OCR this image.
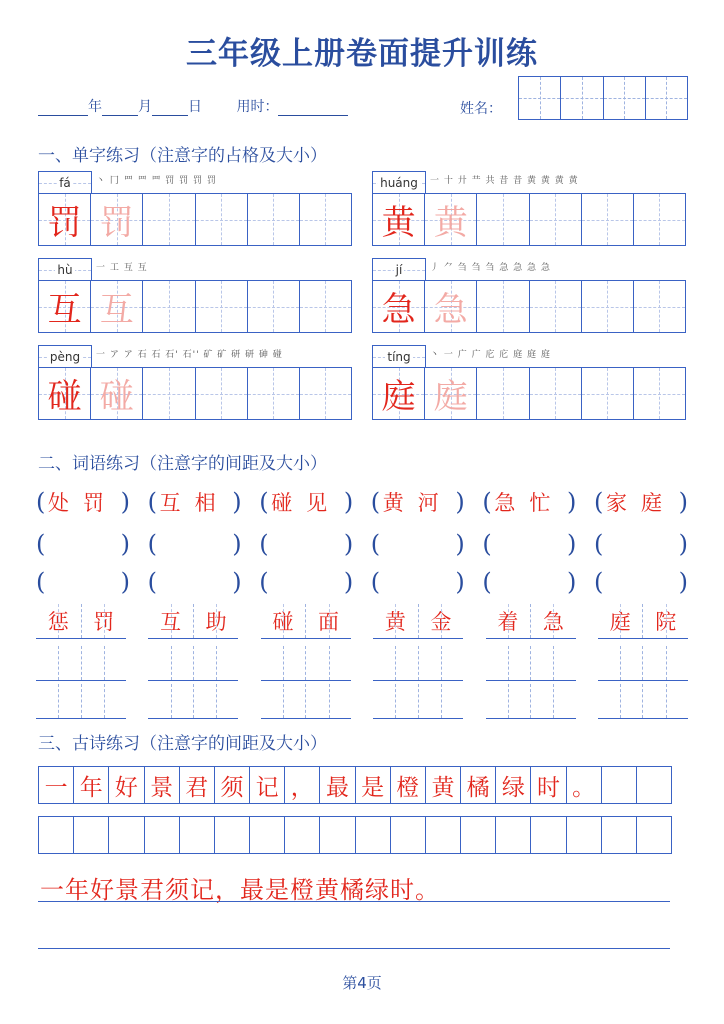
三年级上册卷面提升训练
年	月	日 用时：	姓名：
一、单字练习（注意字的占格及大小）
fá	丶 冂 罒 罒 罒 罚 罚 罚 罚
罚 罚
huáng	一 十 廾 龷 共 昔 昔 黄 黄 黄 黄
黄 黄
hù	一 工 互 互
互 互
jí	丿 ⺈ 刍 刍 刍 急 急 急 急
急 急
pèng	一 ア ア 石 石 石' 石'' 矿 矿 研 研 砷 碰
碰 碰
tíng	丶 一 广 广 庀 庀 庭 庭 庭
庭 庭
二、词语练习（注意字的间距及大小）
( 处罚 ) ( 互相 ) ( 碰见 ) ( 黄河 ) ( 急忙 ) ( 家庭 )
(	) (	) (	) (	) (	) (	)
(	) (	) (	) (	) (	) (	)
惩	罚	互	助	碰	面	黄	金	着	急	庭	院
三、古诗练习（注意字的间距及大小）
一 年 好 景 君 须 记 ， 最 是 橙 黄 橘 绿 时 。
一年好景君须记，最是橙黄橘绿时。
第4页
